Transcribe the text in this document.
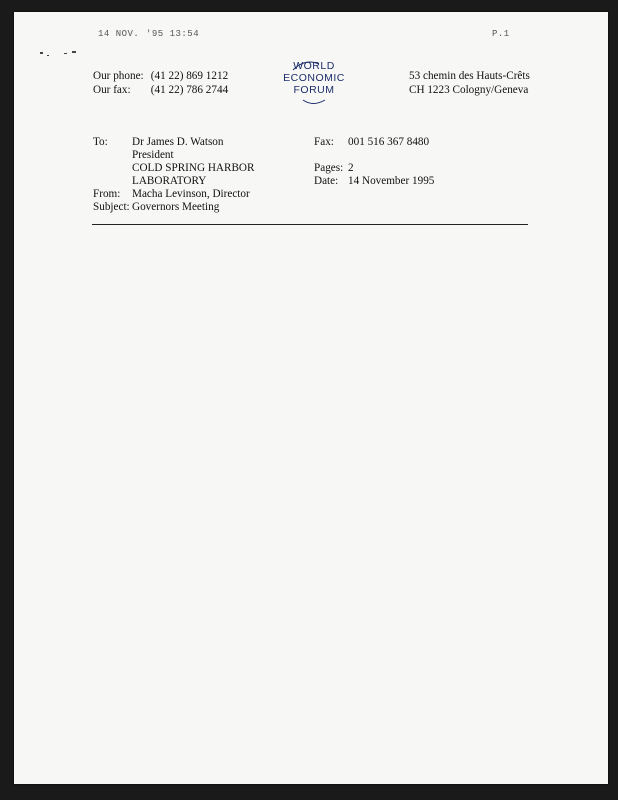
14 NOV. '95 13:54	P.1
Our phone: (41 22) 869 1212
Our fax: (41 22) 786 2744
WORLD
ECONOMIC
FORUM
53 chemin des Hauts-Crêts
CH 1223 Cologny/Geneva
To: Dr James D. Watson
President
COLD SPRING HARBOR
LABORATORY
From: Macha Levinson, Director
Subject: Governors Meeting
Fax: 001 516 367 8480
Pages: 2
Date: 14 November 1995
